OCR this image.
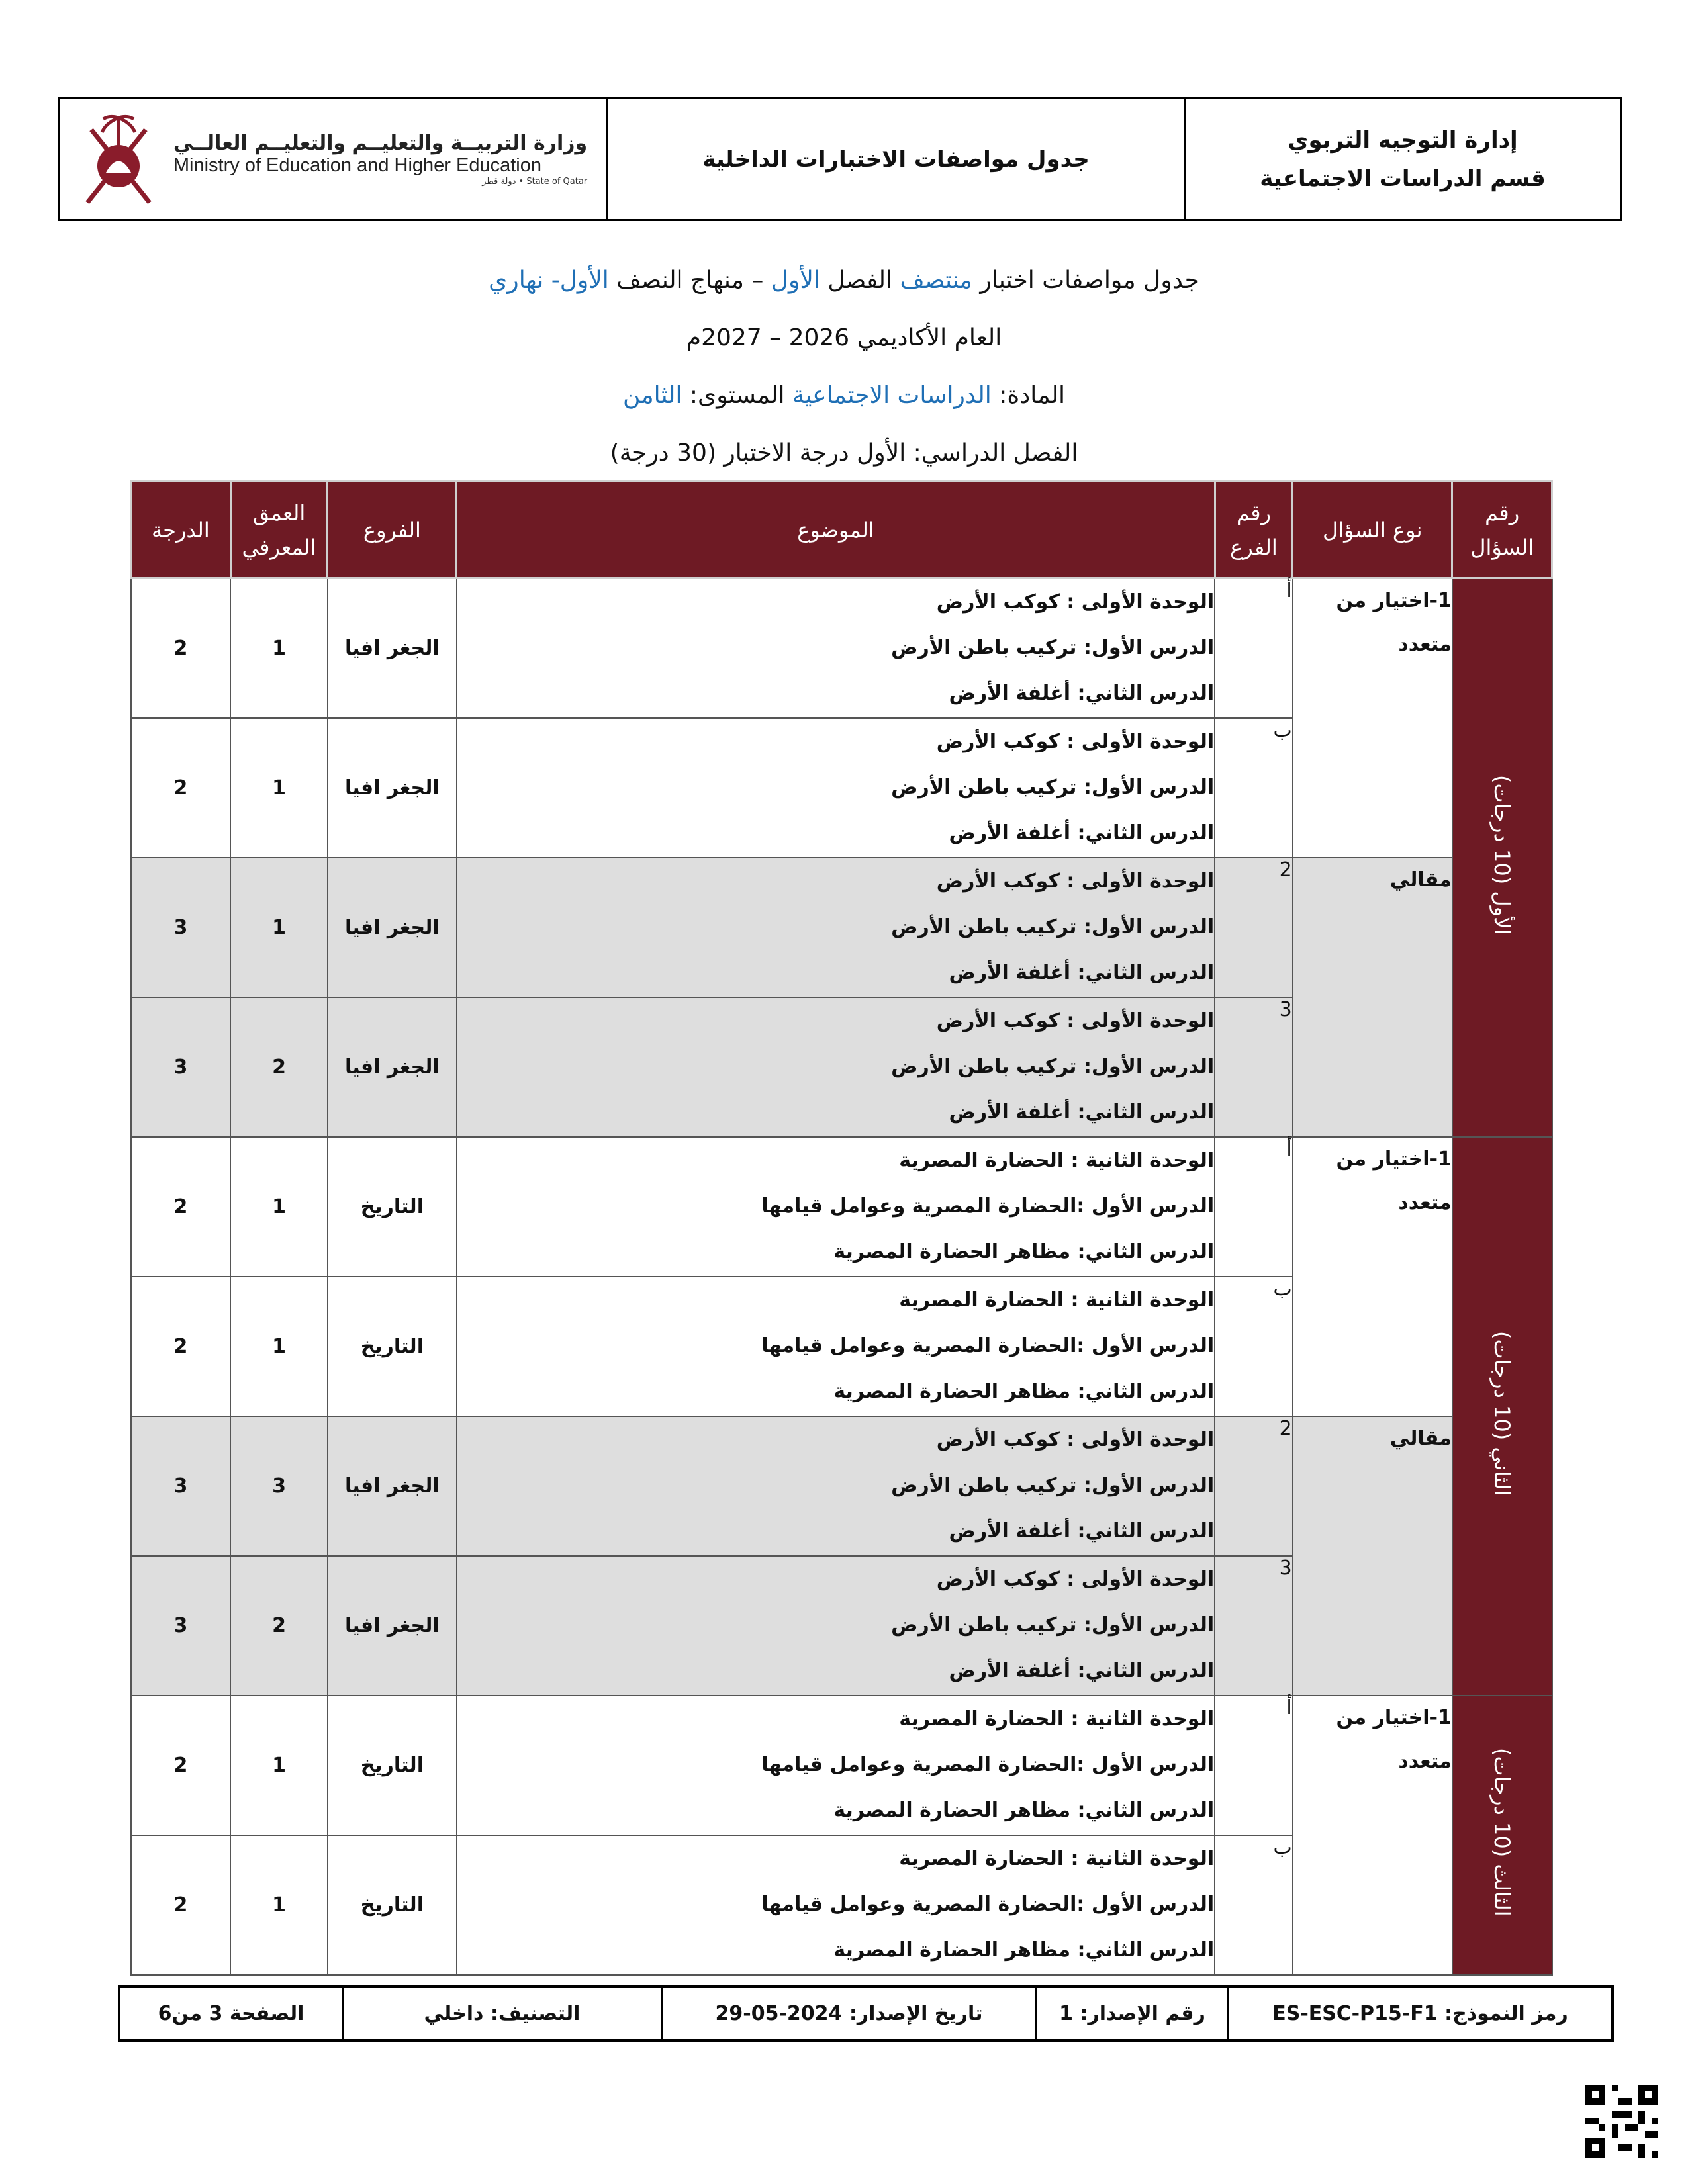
إدارة التوجيه التربوي
قسم الدراسات الاجتماعية
جدول مواصفات الاختبارات الداخلية
وزارة التربيــة والتعليــم والتعليــم العالــي
Ministry of Education and Higher Education
State of Qatar • دولة قطر
جدول مواصفات اختبار منتصف الفصل الأول – منهاج النصف الأول- نهاري
العام الأكاديمي 2026 – 2027م
المادة: الدراسات الاجتماعية المستوى: الثامن
الفصل الدراسي: الأول درجة الاختبار (30 درجة)
رقم السؤال	نوع السؤال	رقم الفرع	الموضوع	الفروع	العمق المعرفي	الدرجة
الأول (10 درجات)	1-اختيار من متعدد	أ	الوحدة الأولى : كوكب الأرض
الدرس الأول: تركيب باطن الأرض
الدرس الثاني: أغلفة الأرض	الجغر افيا	1	2
		ب	الوحدة الأولى : كوكب الأرض
الدرس الأول: تركيب باطن الأرض
الدرس الثاني: أغلفة الأرض	الجغر افيا	1	2
	مقالي	2	الوحدة الأولى : كوكب الأرض
الدرس الأول: تركيب باطن الأرض
الدرس الثاني: أغلفة الأرض	الجغر افيا	1	3
		3	الوحدة الأولى : كوكب الأرض
الدرس الأول: تركيب باطن الأرض
الدرس الثاني: أغلفة الأرض	الجغر افيا	2	3
الثاني (10 درجات)	1-اختيار من متعدد	أ	الوحدة الثانية : الحضارة المصرية
الدرس الأول :الحضارة المصرية وعوامل قيامها
الدرس الثاني: مظاهر الحضارة المصرية	التاريخ	1	2
		ب	الوحدة الثانية : الحضارة المصرية
الدرس الأول :الحضارة المصرية وعوامل قيامها
الدرس الثاني: مظاهر الحضارة المصرية	التاريخ	1	2
	مقالي	2	الوحدة الأولى : كوكب الأرض
الدرس الأول: تركيب باطن الأرض
الدرس الثاني: أغلفة الأرض	الجغر افيا	3	3
		3	الوحدة الأولى : كوكب الأرض
الدرس الأول: تركيب باطن الأرض
الدرس الثاني: أغلفة الأرض	الجغر افيا	2	3
الثالث (10 درجات)	1-اختيار من متعدد	أ	الوحدة الثانية : الحضارة المصرية
الدرس الأول :الحضارة المصرية وعوامل قيامها
الدرس الثاني: مظاهر الحضارة المصرية	التاريخ	1	2
		ب	الوحدة الثانية : الحضارة المصرية
الدرس الأول :الحضارة المصرية وعوامل قيامها
الدرس الثاني: مظاهر الحضارة المصرية	التاريخ	1	2
رمز النموذج: ES-ESC-P15-F1
رقم الإصدار: 1
تاريخ الإصدار: 2024-05-29
التصنيف: داخلي
الصفحة 3 من6
